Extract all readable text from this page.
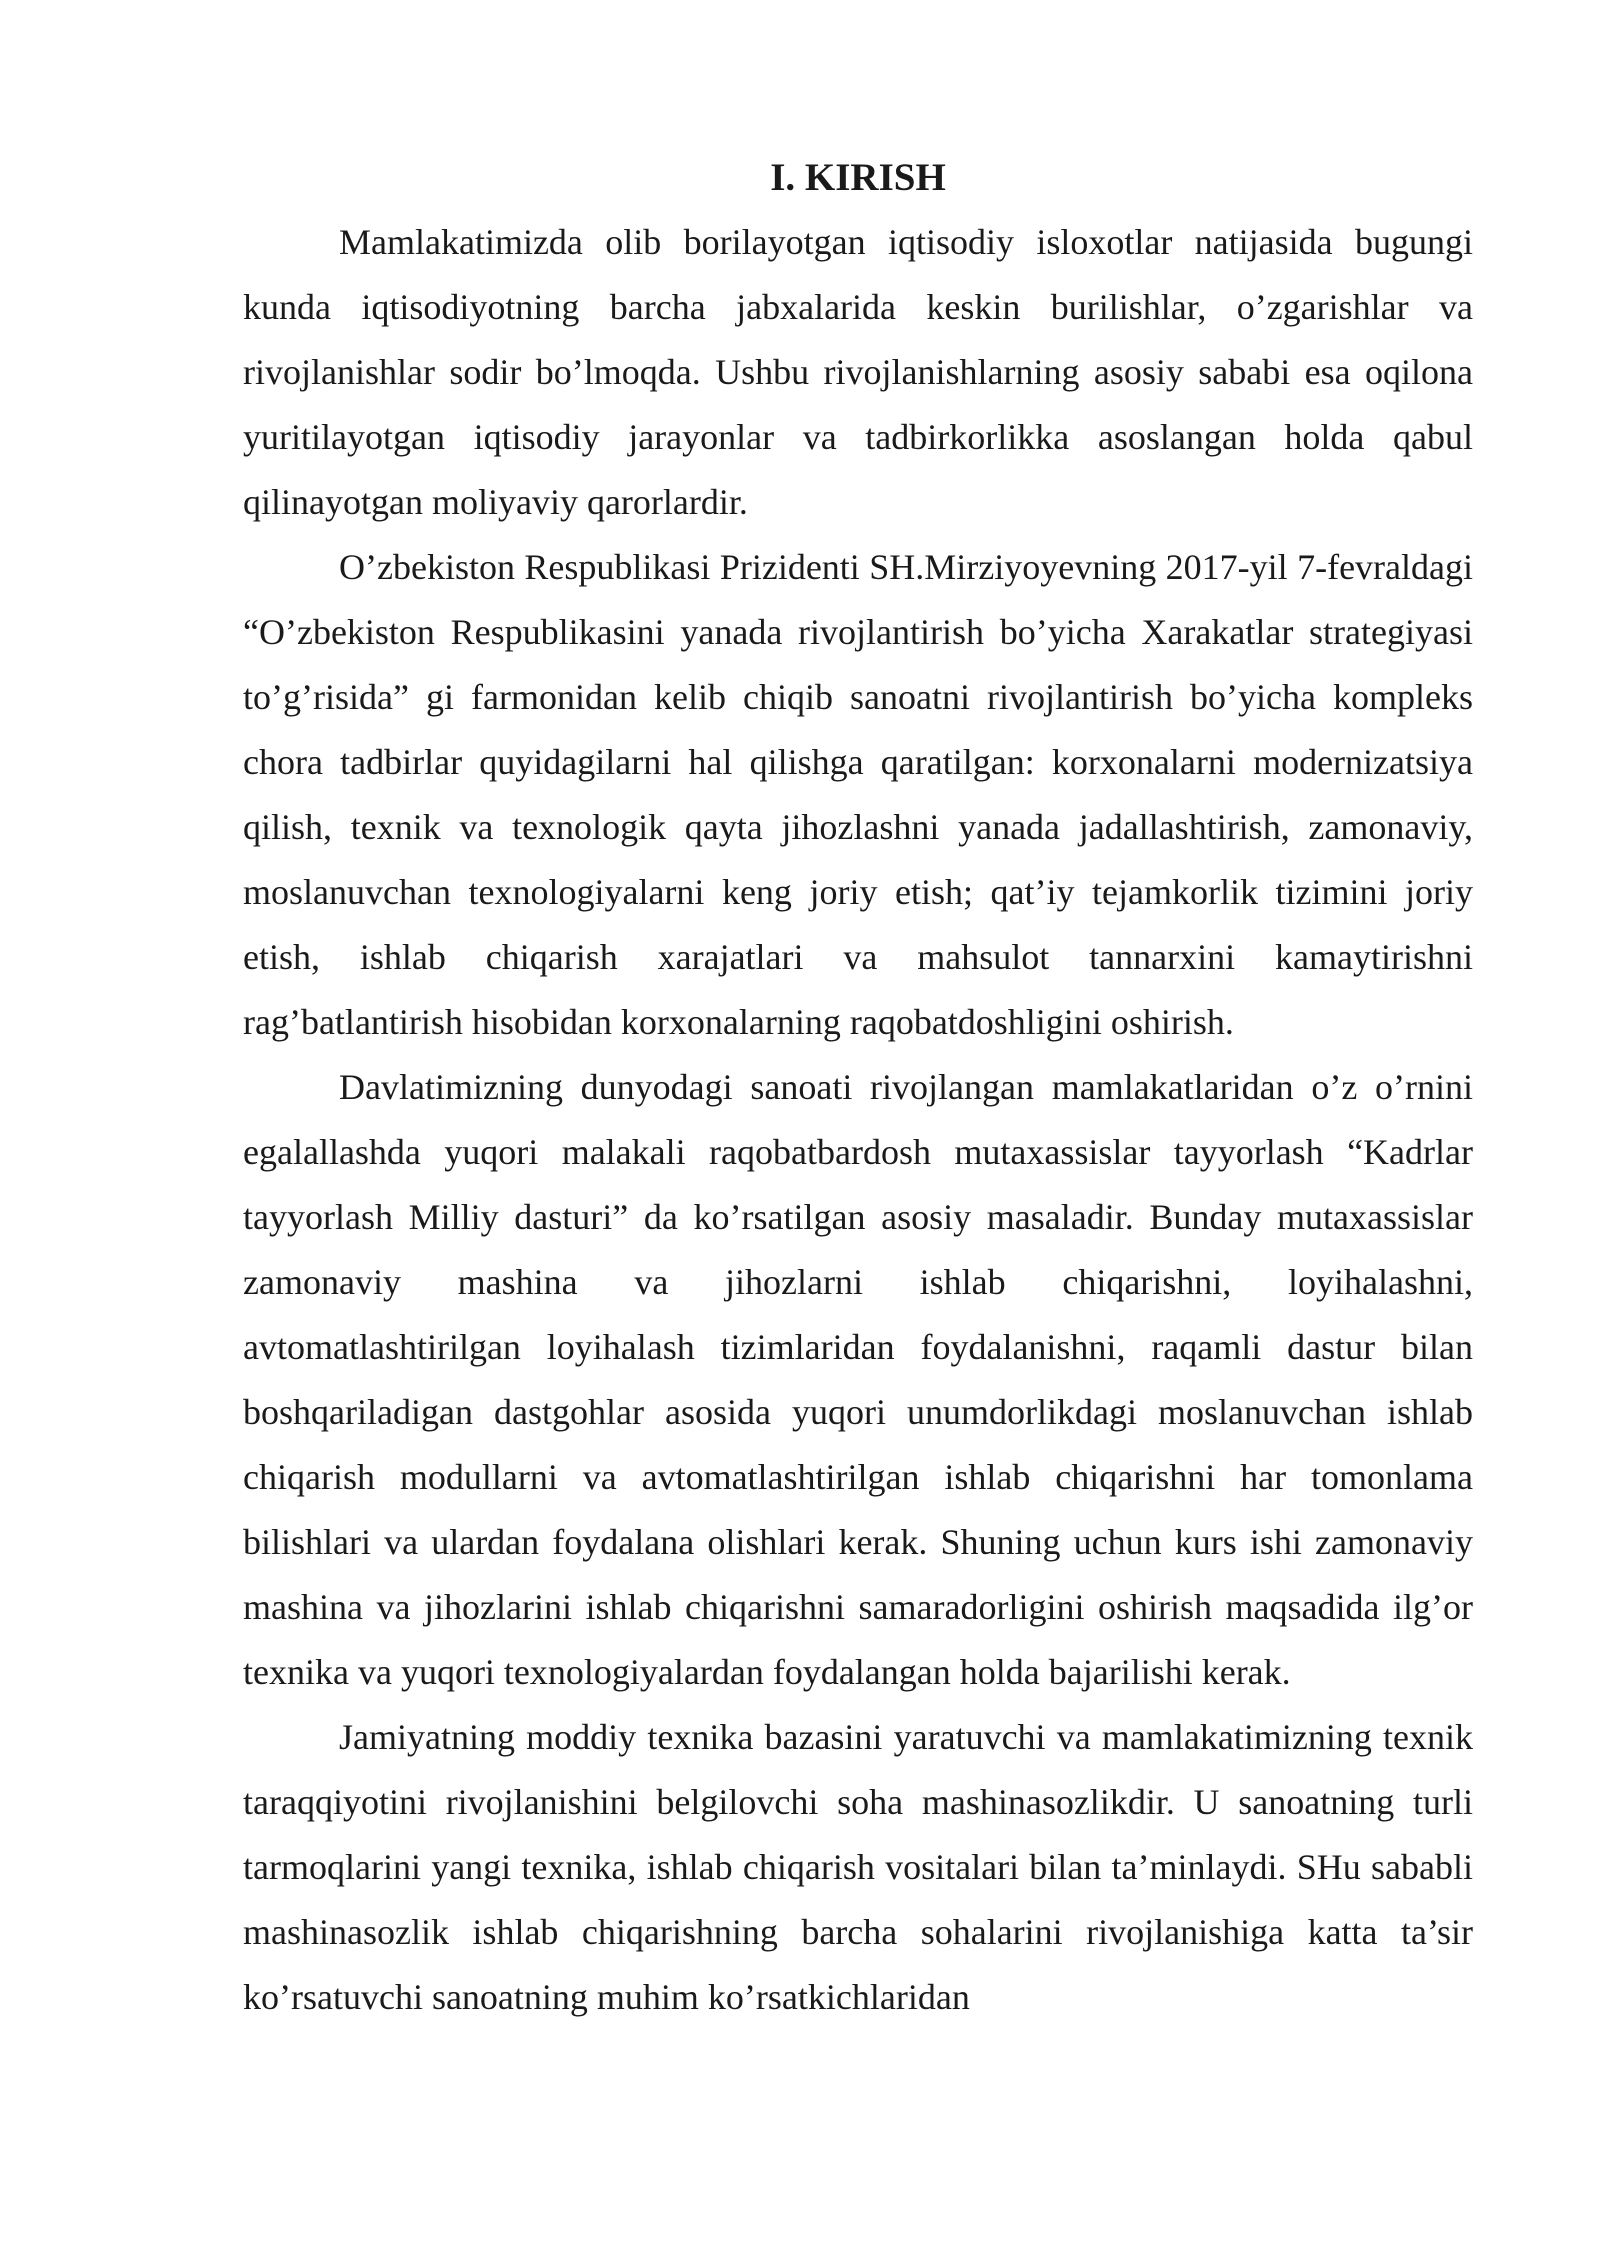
I. KIRISH

Mamlakatimizda olib borilayotgan iqtisodiy isloxotlar natijasida bugungi kunda iqtisodiyotning barcha jabxalarida keskin burilishlar, o’zgarishlar va rivojlanishlar sodir bo’lmoqda. Ushbu rivojlanishlarning asosiy sababi esa oqilona yuritilayotgan iqtisodiy jarayonlar va tadbirkorlikka asoslangan holda qabul qilinayotgan moliyaviy qarorlardir.

O’zbekiston Respublikasi Prizidenti SH.Mirziyoyevning 2017-yil 7-fevraldagi “O’zbekiston Respublikasini yanada rivojlantirish bo’yicha Xarakatlar strategiyasi to’g’risida” gi farmonidan kelib chiqib sanoatni rivojlantirish bo’yicha kompleks chora tadbirlar quyidagilarni hal qilishga qaratilgan: korxonalarni modernizatsiya qilish, texnik va texnologik qayta jihozlashni yanada jadallashtirish, zamonaviy, moslanuvchan texnologiyalarni keng joriy etish; qat’iy tejamkorlik tizimini joriy etish, ishlab chiqarish xarajatlari va mahsulot tannarxini kamaytirishni rag’batlantirish hisobidan korxonalarning raqobatdoshligini oshirish.

Davlatimizning dunyodagi sanoati rivojlangan mamlakatlaridan o’z o’rnini egalallashda yuqori malakali raqobatbardosh mutaxassislar tayyorlash “Kadrlar tayyorlash Milliy dasturi” da ko’rsatilgan asosiy masaladir. Bunday mutaxassislar zamonaviy mashina va jihozlarni ishlab chiqarishni, loyihalashni, avtomatlashtirilgan loyihalash tizimlaridan foydalanishni, raqamli dastur bilan boshqariladigan dastgohlar asosida yuqori unumdorlikdagi moslanuvchan ishlab chiqarish modullarni va avtomatlashtirilgan ishlab chiqarishni har tomonlama bilishlari va ulardan foydalana olishlari kerak. Shuning uchun kurs ishi zamonaviy mashina va jihozlarini ishlab chiqarishni samaradorligini oshirish maqsadida ilg’or texnika va yuqori texnologiyalardan foydalangan holda bajarilishi kerak.

Jamiyatning moddiy texnika bazasini yaratuvchi va mamlakatimizning texnik taraqqiyotini rivojlanishini belgilovchi soha mashinasozlikdir. U sanoatning turli tarmoqlarini yangi texnika, ishlab chiqarish vositalari bilan ta’minlaydi. SHu sababli mashinasozlik ishlab chiqarishning barcha sohalarini rivojlanishiga katta ta’sir ko’rsatuvchi sanoatning muhim ko’rsatkichlaridan
